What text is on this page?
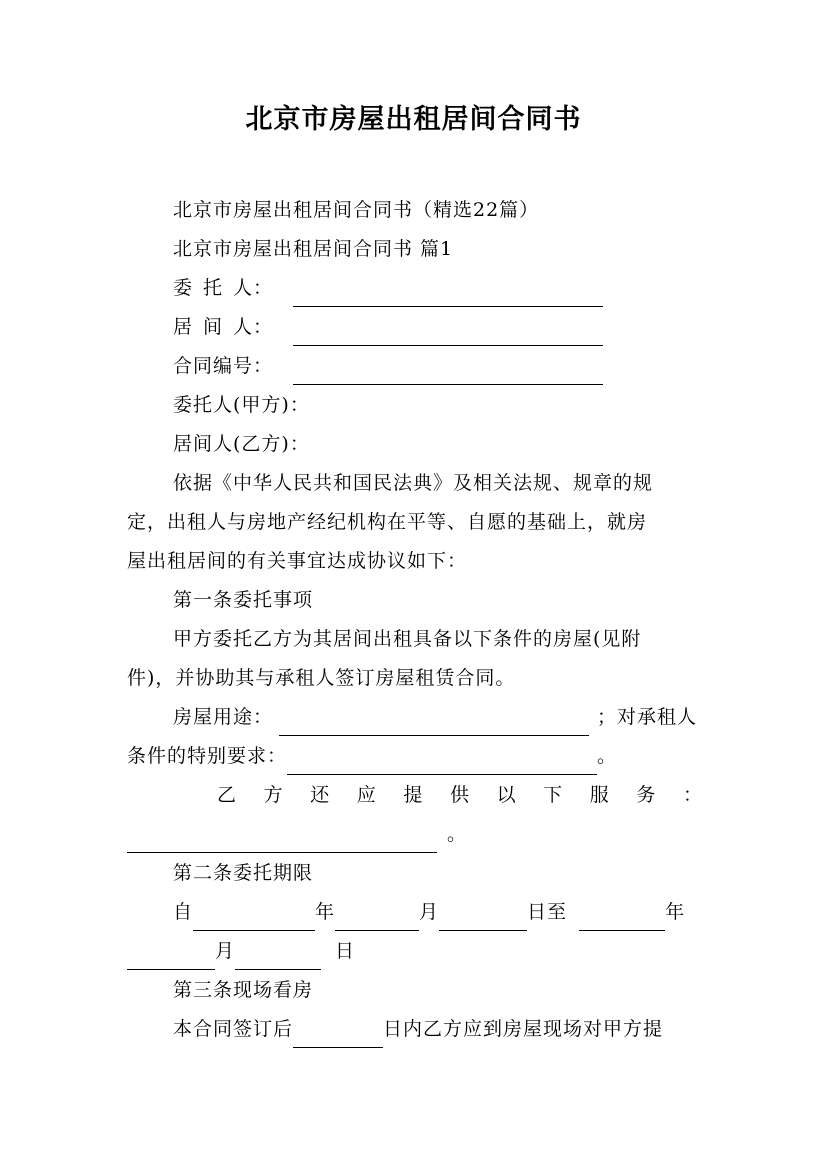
北京市房屋出租居间合同书
北京市房屋出租居间合同书（精选22篇）
北京市房屋出租居间合同书 篇1
委 托 人：
居 间 人：
合同编号：
委托人(甲方)：
居间人(乙方)：
依据《中华人民共和国民法典》及相关法规、规章的规
定，出租人与房地产经纪机构在平等、自愿的基础上，就房
屋出租居间的有关事宜达成协议如下：
第一条委托事项
甲方委托乙方为其居间出租具备以下条件的房屋(见附
件)，并协助其与承租人签订房屋租赁合同。
房屋用途：	；对承租人
条件的特别要求：	。
乙 方 还 应 提 供 以 下 服 务 ：
。
第二条委托期限
自	年	月	日至	年
月	日
第三条现场看房
本合同签订后	日内乙方应到房屋现场对甲方提
